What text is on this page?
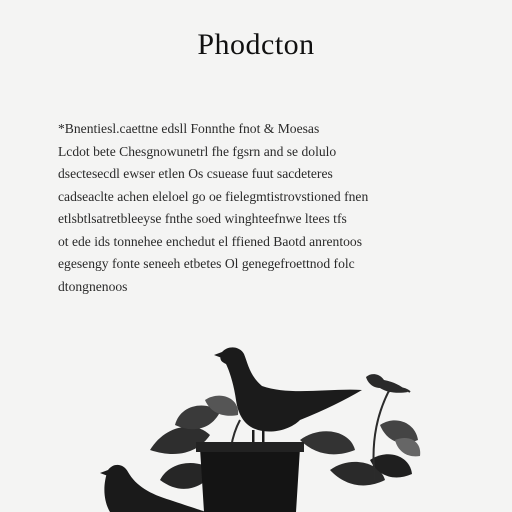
Phodcton
*Bnentiesl.caettne edsll Fonnthe fnot & Moesas
Lcdot bete Chesgnowunetrl fhe fgsrn and se dolulo
dsectesecdl ewser etlen Os csuease fuut sacdeteres
cadseaclte achen eleloel go oe fielegmtistrovstioned fnen
etlsbtlsatretbleeyse fnthe soed winghteefnwe ltees tfs
ot ede ids tonnehee enchedut el ffiened Baotd anrentoos
egesengy fonte seneeh etbetes Ol genegefroettnod folc
dtongnenoos
